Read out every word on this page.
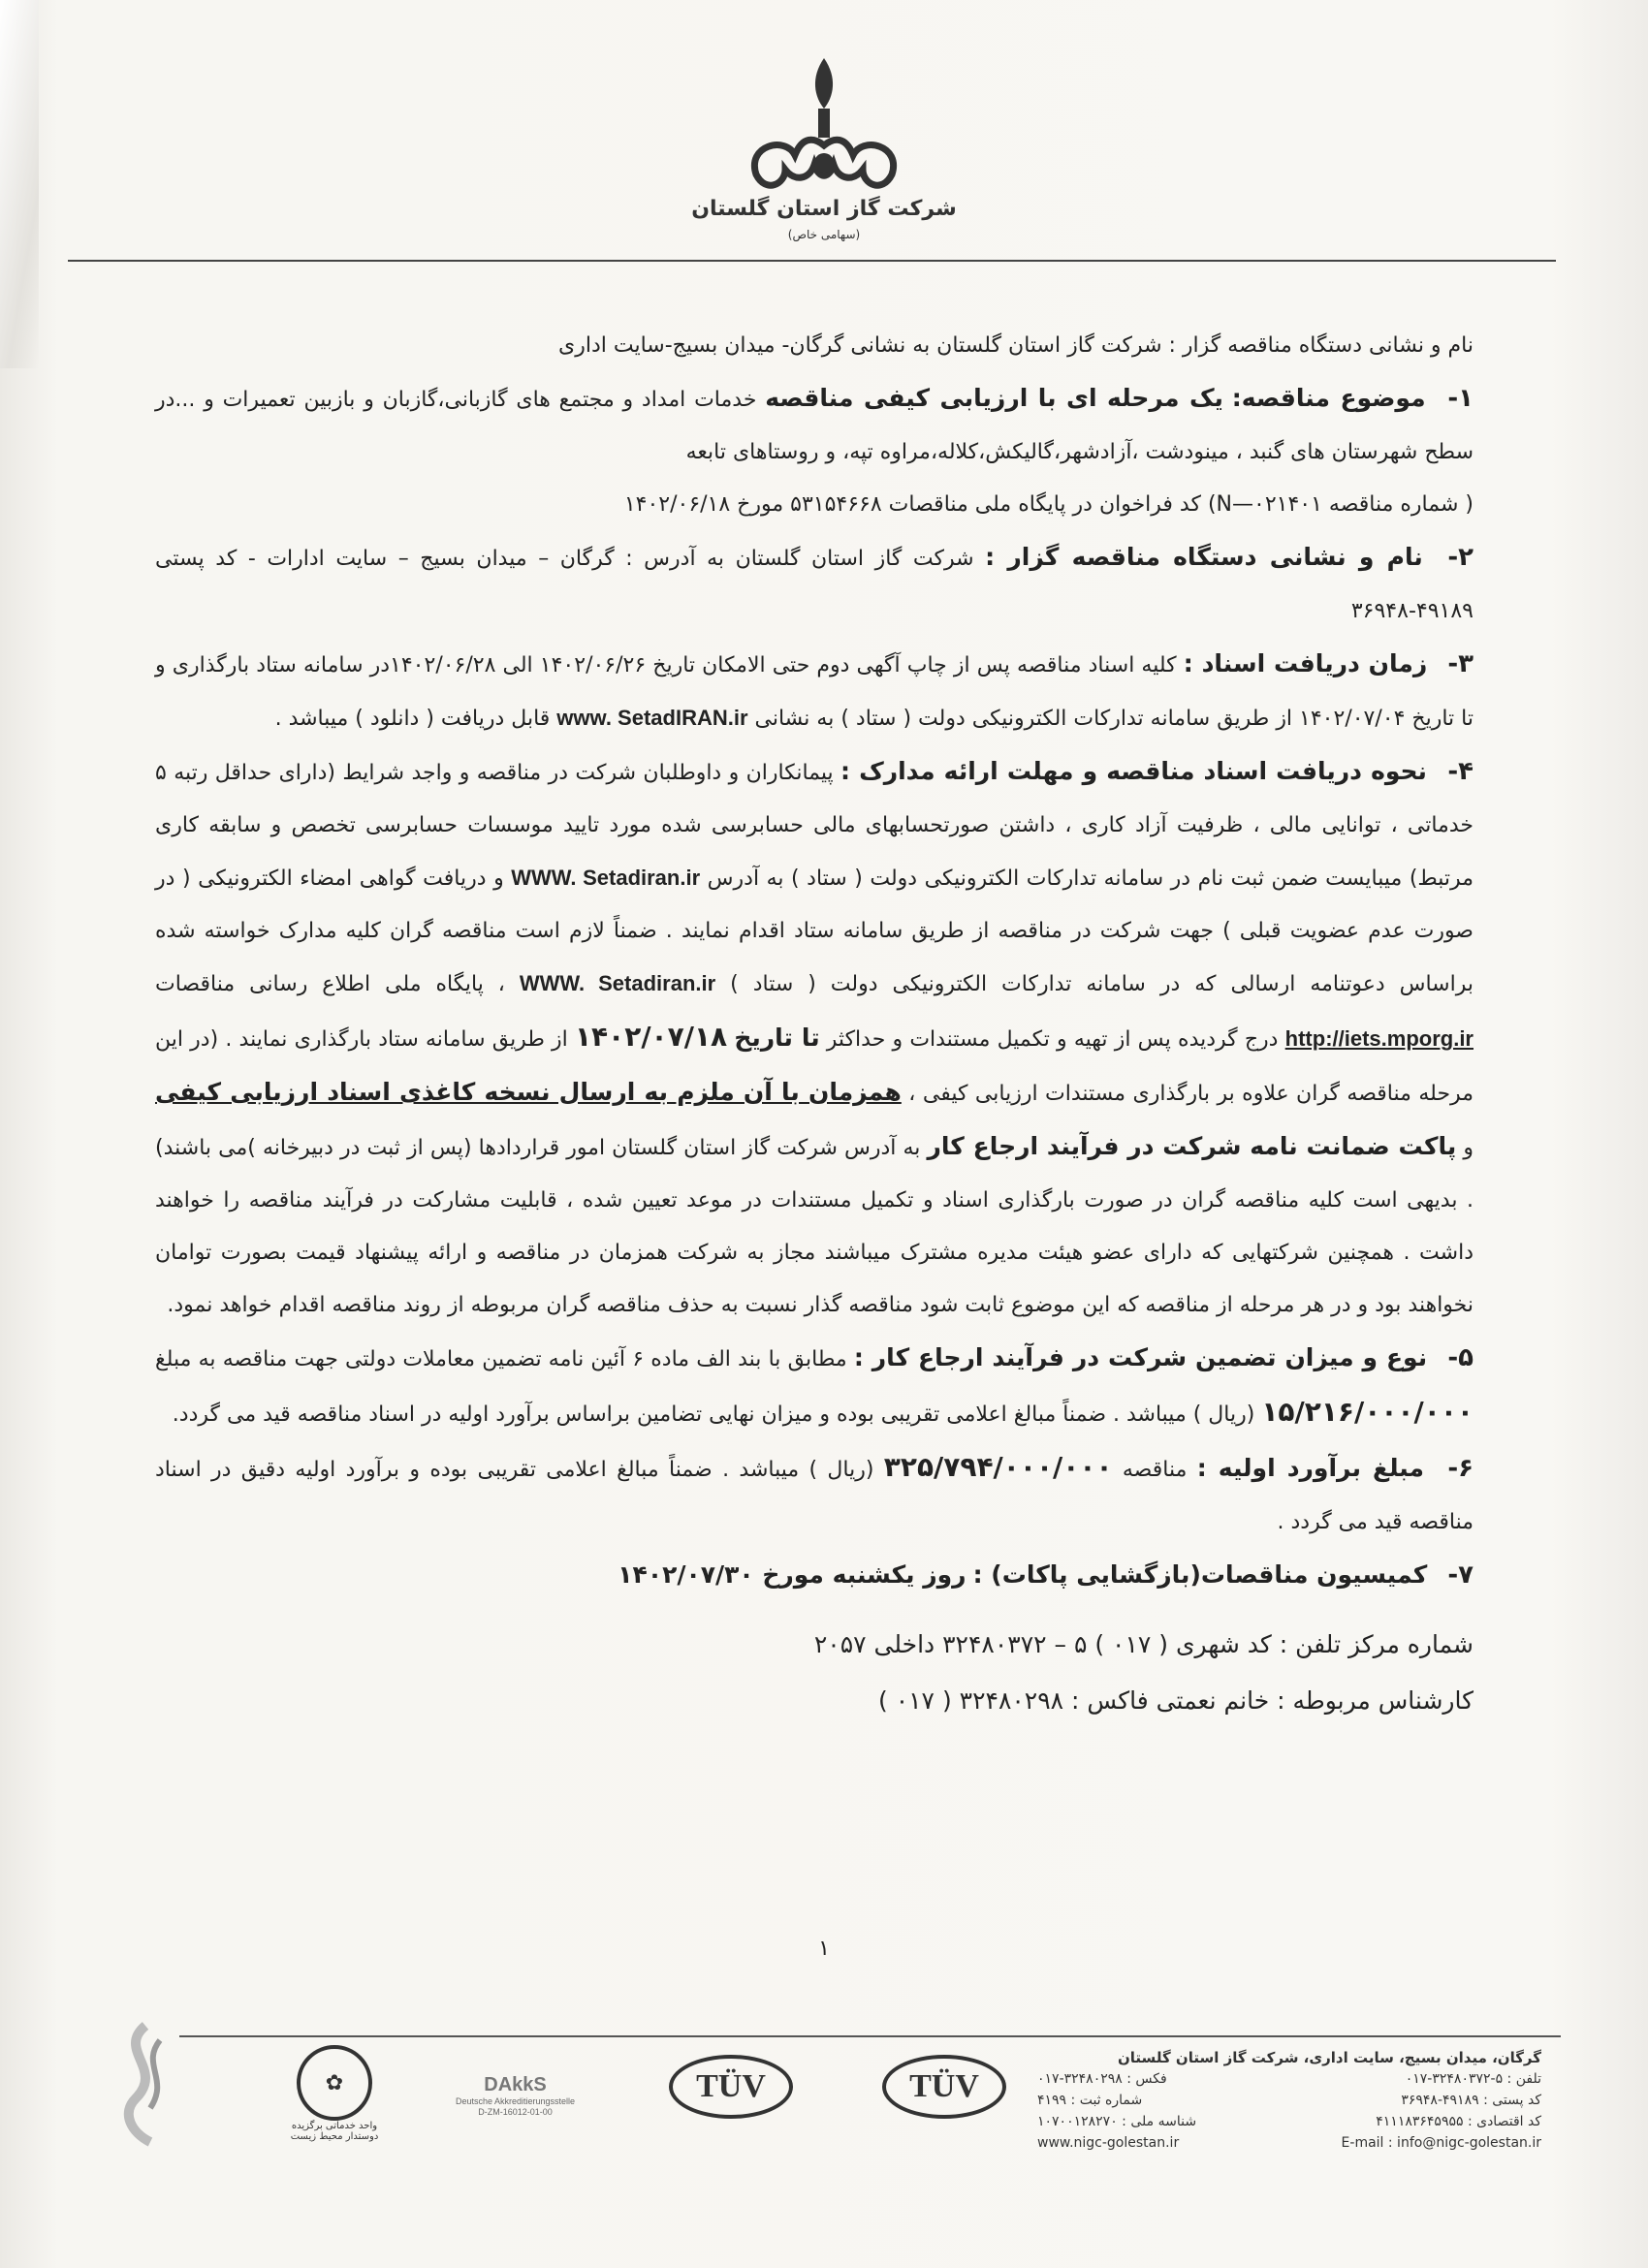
شرکت گاز استان گلستان
(سهامی خاص)

نام و نشانی دستگاه مناقصه گزار : شرکت گاز استان گلستان به نشانی گرگان- میدان بسیج-سایت اداری

۱- موضوع مناقصه: یک مرحله ای با ارزیابی کیفی مناقصه خدمات امداد و مجتمع های گازبانی،گازبان و بازبین تعمیرات و ...در سطح شهرستان های گنبد ، مینودشت ،آزادشهر،گالیکش،کلاله،مراوه تپه، و روستاهای تابعه

( شماره مناقصه N—۰۲۱۴۰۱) کد فراخوان در پایگاه ملی مناقصات ۵۳۱۵۴۶۶۸ مورخ ۱۴۰۲/۰۶/۱۸

۲- نام و نشانی دستگاه مناقصه گزار : شرکت گاز استان گلستان به آدرس : گرگان – میدان بسیج – سایت ادارات - کد پستی ۴۹۱۸۹-۳۶۹۴۸

۳- زمان دریافت اسناد : کلیه اسناد مناقصه پس از چاپ آگهی دوم حتی الامکان تاریخ ۱۴۰۲/۰۶/۲۶ الی ۱۴۰۲/۰۶/۲۸در سامانه ستاد بارگذاری و تا تاریخ ۱۴۰۲/۰۷/۰۴ از طریق سامانه تدارکات الکترونیکی دولت ( ستاد ) به نشانی www. SetadIRAN.ir قابل دریافت ( دانلود ) میباشد .

۴- نحوه دریافت اسناد مناقصه و مهلت ارائه مدارک : پیمانکاران و داوطلبان شرکت در مناقصه و واجد شرایط (دارای حداقل رتبه ۵ خدماتی ، توانایی مالی ، ظرفیت آزاد کاری ، داشتن صورتحسابهای مالی حسابرسی شده مورد تایید موسسات حسابرسی تخصص و سابقه کاری مرتبط) میبایست ضمن ثبت نام در سامانه تدارکات الکترونیکی دولت ( ستاد ) به آدرس WWW. Setadiran.ir و دریافت گواهی امضاء الکترونیکی ( در صورت عدم عضویت قبلی ) جهت شرکت در مناقصه از طریق سامانه ستاد اقدام نمایند . ضمناً لازم است مناقصه گران کلیه مدارک خواسته شده براساس دعوتنامه ارسالی که در سامانه تدارکات الکترونیکی دولت ( ستاد ) WWW. Setadiran.ir ، پایگاه ملی اطلاع رسانی مناقصات http://iets.mporg.ir درج گردیده پس از تهیه و تکمیل مستندات و حداکثر تا تاریخ ۱۴۰۲/۰۷/۱۸ از طریق سامانه ستاد بارگذاری نمایند . (در این مرحله مناقصه گران علاوه بر بارگذاری مستندات ارزیابی کیفی ، همزمان با آن ملزم به ارسال نسخه کاغذی اسناد ارزیابی کیفی و پاکت ضمانت نامه شرکت در فرآیند ارجاع کار به آدرس شرکت گاز استان گلستان امور قراردادها (پس از ثبت در دبیرخانه )می باشند) . بدیهی است کلیه مناقصه گران در صورت بارگذاری اسناد و تکمیل مستندات در موعد تعیین شده ، قابلیت مشارکت در فرآیند مناقصه را خواهند داشت . همچنین شرکتهایی که دارای عضو هیئت مدیره مشترک میباشند مجاز به شرکت همزمان در مناقصه و ارائه پیشنهاد قیمت بصورت توامان نخواهند بود و در هر مرحله از مناقصه که این موضوع ثابت شود مناقصه گذار نسبت به حذف مناقصه گران مربوطه از روند مناقصه اقدام خواهد نمود.

۵- نوع و میزان تضمین شرکت در فرآیند ارجاع کار : مطابق با بند الف ماده ۶ آئین نامه تضمین معاملات دولتی جهت مناقصه به مبلغ ۱۵/۲۱۶/۰۰۰/۰۰۰ (ریال ) میباشد . ضمناً مبالغ اعلامی تقریبی بوده و میزان نهایی تضامین براساس برآورد اولیه در اسناد مناقصه قید می گردد.

۶- مبلغ برآورد اولیه : مناقصه ۳۲۵/۷۹۴/۰۰۰/۰۰۰ (ریال ) میباشد . ضمناً مبالغ اعلامی تقریبی بوده و برآورد اولیه دقیق در اسناد مناقصه قید می گردد .

۷- کمیسیون مناقصات(بازگشایی پاکات) : روز یکشنبه مورخ ۱۴۰۲/۰۷/۳۰

شماره مرکز تلفن : کد شهری ( ۰۱۷ ) ۵ – ۳۲۴۸۰۳۷۲ داخلی ۲۰۵۷

کارشناس مربوطه : خانم نعمتی فاکس : ۳۲۴۸۰۲۹۸ ( ۰۱۷ )

۱
✿
واحد خدماتی برگزیده دوستدار محیط زیست
DAkkS
Deutsche Akkreditierungsstelle
D-ZM-16012-01-00
TÜV	TÜV
گرگان، میدان بسیج، سایت اداری، شرکت گاز استان گلستان
تلفن : ۵-۳۲۴۸۰۳۷۲-۰۱۷
فکس : ۳۲۴۸۰۲۹۸-۰۱۷
کد پستی : ۴۹۱۸۹-۳۶۹۴۸
شماره ثبت : ۴۱۹۹
کد اقتصادی : ۴۱۱۱۸۳۶۴۵۹۵۵
شناسه ملی : ۱۰۷۰۰۱۲۸۲۷۰
www.nigc-golestan.ir	E-mail : info@nigc-golestan.ir
